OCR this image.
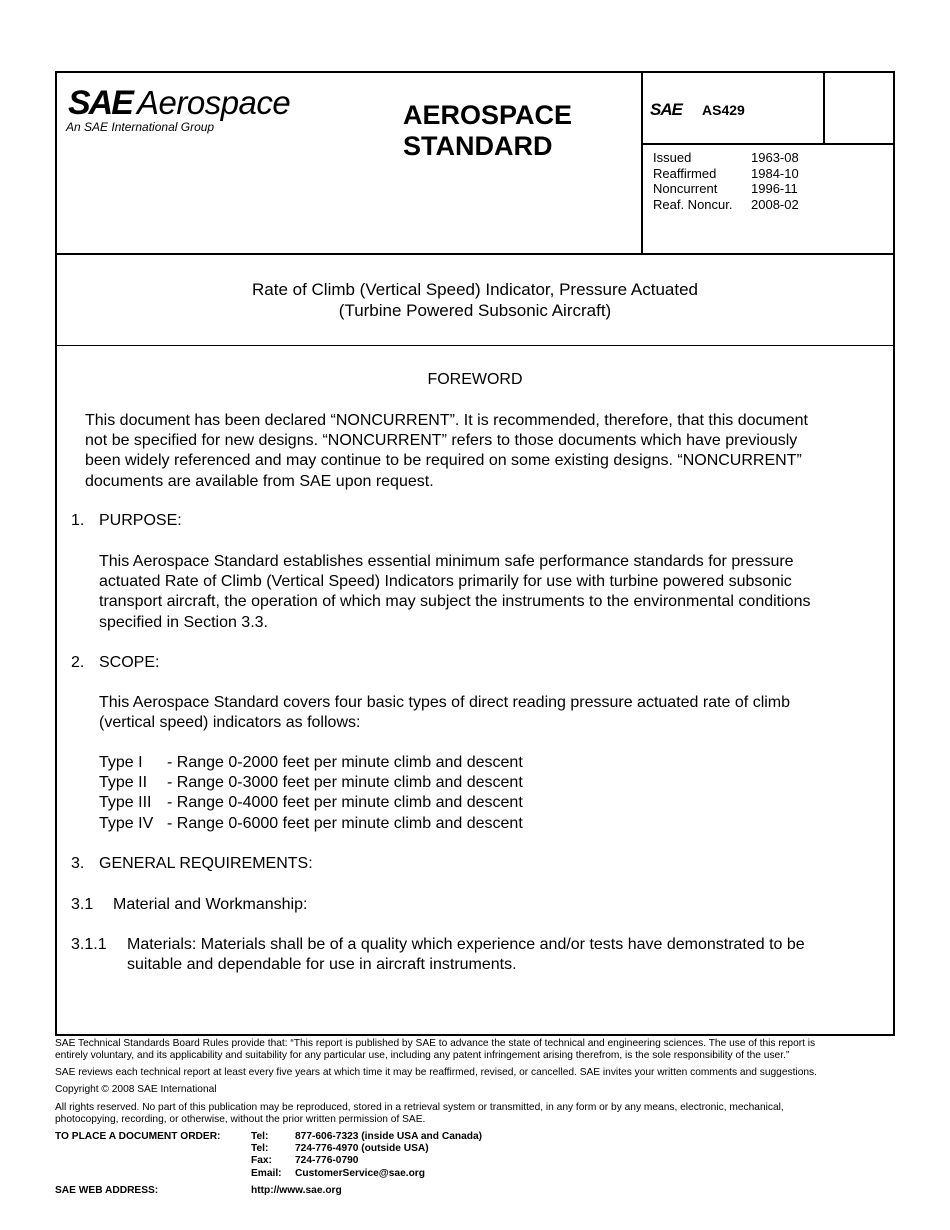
SAE Aerospace
An SAE International Group	AEROSPACE
STANDARD
SAE AS429
Issued	1963-08
Reaffirmed	1984-10
Noncurrent	1996-11
Reaf. Noncur.	2008-02
Rate of Climb (Vertical Speed) Indicator, Pressure Actuated
(Turbine Powered Subsonic Aircraft)
FOREWORD
This document has been declared “NONCURRENT”. It is recommended, therefore, that this document
not be specified for new designs. “NONCURRENT” refers to those documents which have previously
been widely referenced and may continue to be required on some existing designs. “NONCURRENT”
documents are available from SAE upon request.
1. PURPOSE:
This Aerospace Standard establishes essential minimum safe performance standards for pressure
actuated Rate of Climb (Vertical Speed) Indicators primarily for use with turbine powered subsonic
transport aircraft, the operation of which may subject the instruments to the environmental conditions
specified in Section 3.3.
2. SCOPE:
This Aerospace Standard covers four basic types of direct reading pressure actuated rate of climb
(vertical speed) indicators as follows:
Type I	- Range 0-2000 feet per minute climb and descent
Type II	- Range 0-3000 feet per minute climb and descent
Type III - Range 0-4000 feet per minute climb and descent
Type IV - Range 0-6000 feet per minute climb and descent
3. GENERAL REQUIREMENTS:
3.1 Material and Workmanship:
3.1.1 Materials: Materials shall be of a quality which experience and/or tests have demonstrated to be
suitable and dependable for use in aircraft instruments.
SAE Technical Standards Board Rules provide that: “This report is published by SAE to advance the state of technical and engineering sciences. The use of this report is
entirely voluntary, and its applicability and suitability for any particular use, including any patent infringement arising therefrom, is the sole responsibility of the user.”
SAE reviews each technical report at least every five years at which time it may be reaffirmed, revised, or cancelled. SAE invites your written comments and suggestions.
Copyright © 2008 SAE International
All rights reserved. No part of this publication may be reproduced, stored in a retrieval system or transmitted, in any form or by any means, electronic, mechanical,
photocopying, recording, or otherwise, without the prior written permission of SAE.
TO PLACE A DOCUMENT ORDER:	Tel:	877-606-7323 (inside USA and Canada)
Tel:	724-776-4970 (outside USA)
Fax:	724-776-0790
Email:	CustomerService@sae.org
SAE WEB ADDRESS:	http://www.sae.org
